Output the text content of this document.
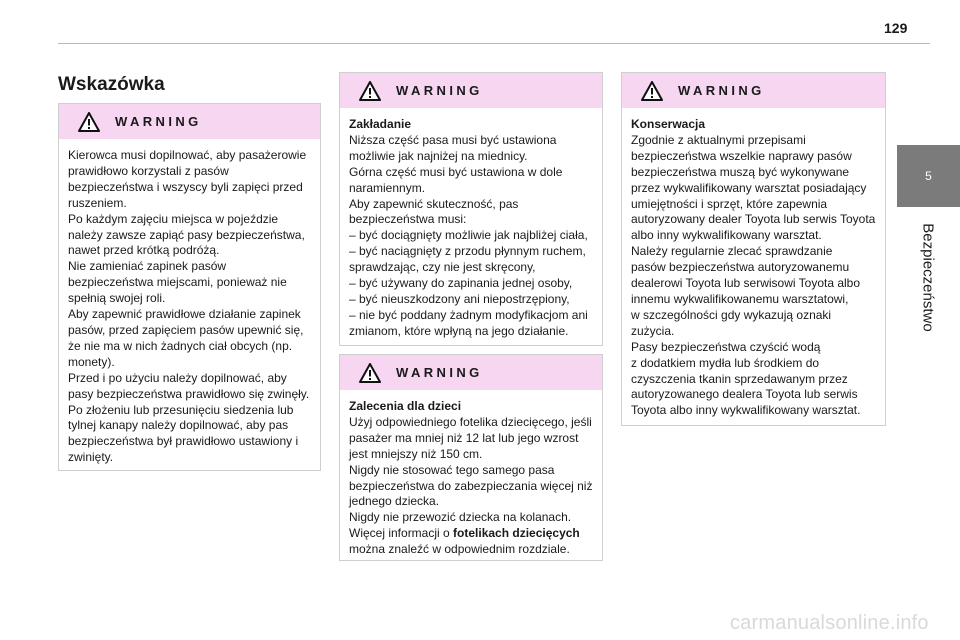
129
5
Bezpieczeństwo
Wskazówka
WARNING
Kierowca musi dopilnować, aby pasażerowie
prawidłowo korzystali z pasów
bezpieczeństwa i wszyscy byli zapięci przed
ruszeniem.
Po każdym zajęciu miejsca w pojeździe
należy zawsze zapiąć pasy bezpieczeństwa,
nawet przed krótką podróżą.
Nie zamieniać zapinek pasów
bezpieczeństwa miejscami, ponieważ nie
spełnią swojej roli.
Aby zapewnić prawidłowe działanie zapinek
pasów, przed zapięciem pasów upewnić się,
że nie ma w nich żadnych ciał obcych (np.
monety).
Przed i po użyciu należy dopilnować, aby
pasy bezpieczeństwa prawidłowo się zwinęły.
Po złożeniu lub przesunięciu siedzenia lub
tylnej kanapy należy dopilnować, aby pas
bezpieczeństwa był prawidłowo ustawiony i
zwinięty.
WARNING
Zakładanie
Niższa część pasa musi być ustawiona
możliwie jak najniżej na miednicy.
Górna część musi być ustawiona w dole
naramiennym.
Aby zapewnić skuteczność, pas
bezpieczeństwa musi:
– być dociągnięty możliwie jak najbliżej ciała,
– być naciągnięty z przodu płynnym ruchem,
sprawdzając, czy nie jest skręcony,
– być używany do zapinania jednej osoby,
– być nieuszkodzony ani niepostrzępiony,
– nie być poddany żadnym modyfikacjom ani
zmianom, które wpłyną na jego działanie.
WARNING
Zalecenia dla dzieci
Użyj odpowiedniego fotelika dziecięcego, jeśli
pasażer ma mniej niż 12 lat lub jego wzrost
jest mniejszy niż 150 cm.
Nigdy nie stosować tego samego pasa
bezpieczeństwa do zabezpieczania więcej niż
jednego dziecka.
Nigdy nie przewozić dziecka na kolanach.
Więcej informacji o fotelikach dziecięcych
można znaleźć w odpowiednim rozdziale.
WARNING
Konserwacja
Zgodnie z aktualnymi przepisami
bezpieczeństwa wszelkie naprawy pasów
bezpieczeństwa muszą być wykonywane
przez wykwalifikowany warsztat posiadający
umiejętności i sprzęt, które zapewnia
autoryzowany dealer Toyota lub serwis Toyota
albo inny wykwalifikowany warsztat.
Należy regularnie zlecać sprawdzanie
pasów bezpieczeństwa autoryzowanemu
dealerowi Toyota lub serwisowi Toyota albo
innemu wykwalifikowanemu warsztatowi,
w szczególności gdy wykazują oznaki
zużycia.
Pasy bezpieczeństwa czyścić wodą
z dodatkiem mydła lub środkiem do
czyszczenia tkanin sprzedawanym przez
autoryzowanego dealera Toyota lub serwis
Toyota albo inny wykwalifikowany warsztat.
carmanualsonline.info
